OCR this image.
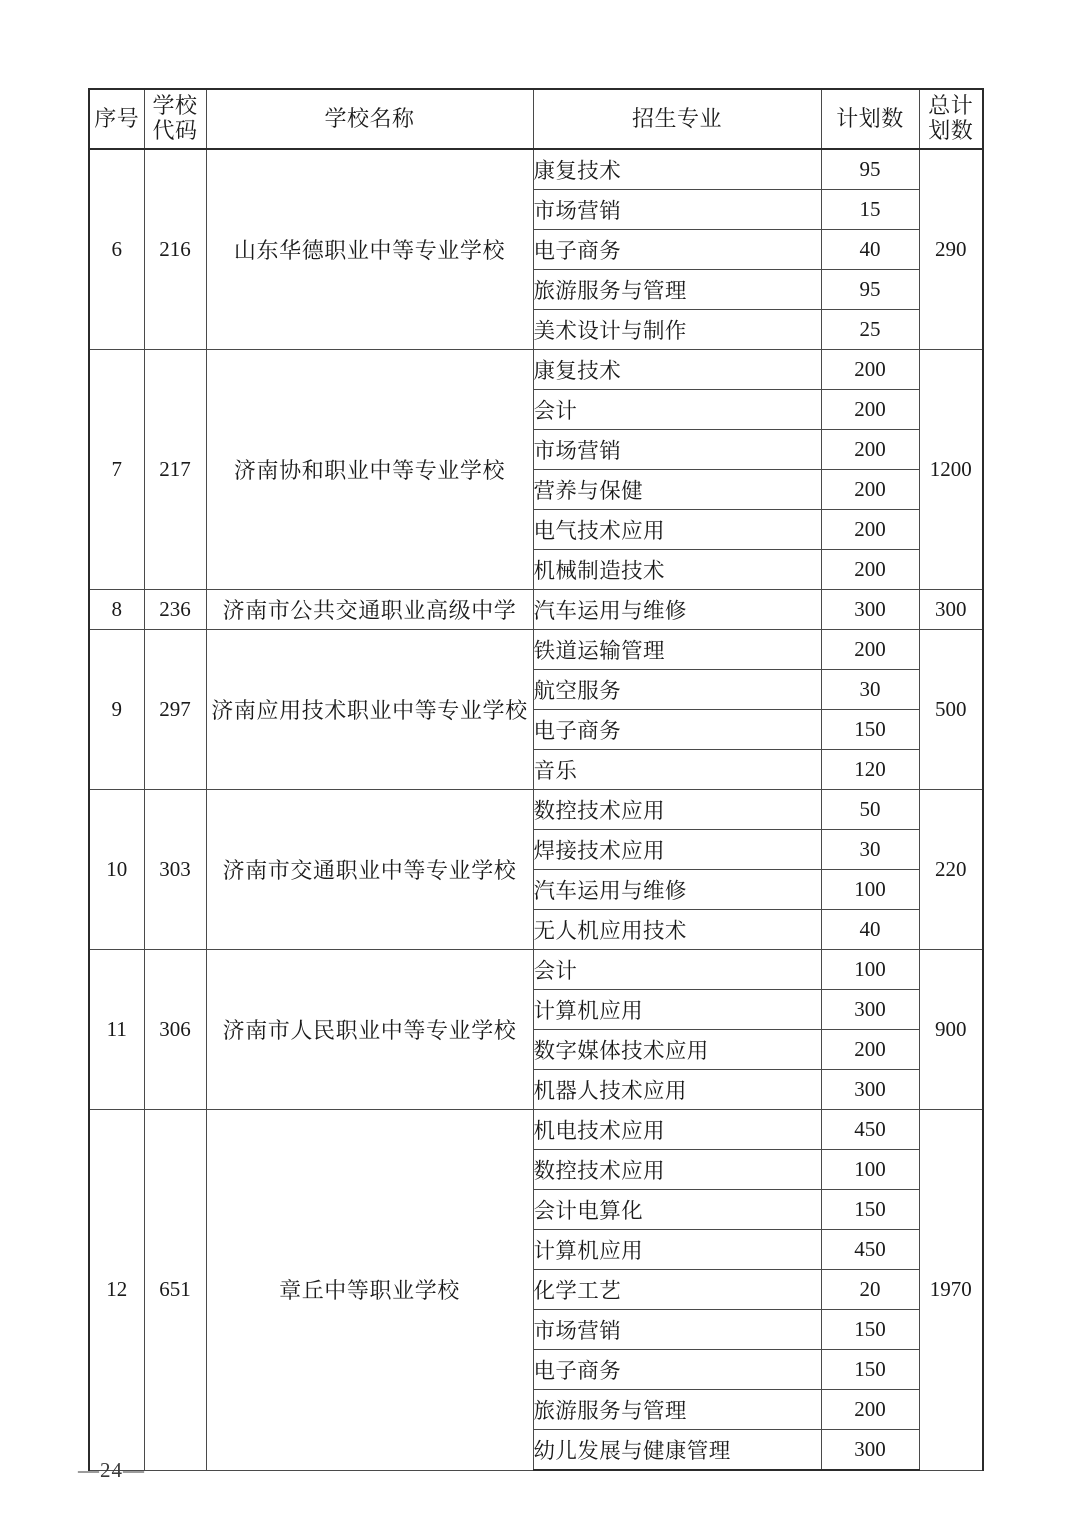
序号	学校代码	学校名称	招生专业	计划数	总计划数
6	216	山东华德职业中等专业学校	康复技术	95	290
			市场营销	15	
			电子商务	40	
			旅游服务与管理	95	
			美术设计与制作	25	
7	217	济南协和职业中等专业学校	康复技术	200	1200
			会计	200	
			市场营销	200	
			营养与保健	200	
			电气技术应用	200	
			机械制造技术	200	
8	236	济南市公共交通职业高级中学	汽车运用与维修	300	300
9	297	济南应用技术职业中等专业学校	铁道运输管理	200	500
			航空服务	30	
			电子商务	150	
			音乐	120	
10	303	济南市交通职业中等专业学校	数控技术应用	50	220
			焊接技术应用	30	
			汽车运用与维修	100	
			无人机应用技术	40	
11	306	济南市人民职业中等专业学校	会计	100	900
			计算机应用	300	
			数字媒体技术应用	200	
			机器人技术应用	300	
12	651	章丘中等职业学校	机电技术应用	450	1970
			数控技术应用	100	
			会计电算化	150	
			计算机应用	450	
			化学工艺	20	
			市场营销	150	
			电子商务	150	
			旅游服务与管理	200	
			幼儿发展与健康管理	300	
—24—
